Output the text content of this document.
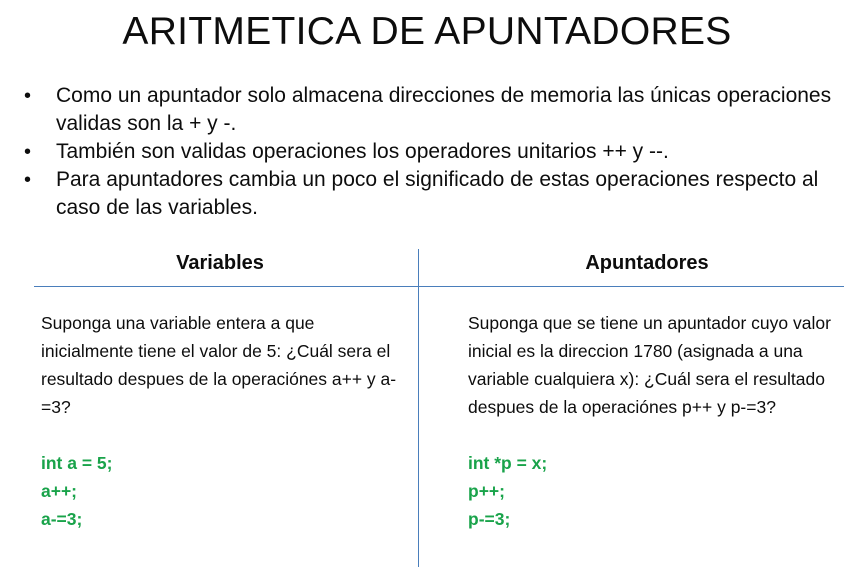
ARITMETICA DE APUNTADORES
• Como un apuntador solo almacena direcciones de memoria las únicas operaciones validas son la + y -.
• También son validas operaciones los operadores unitarios ++ y --.
• Para apuntadores cambia un poco el significado de estas operaciones respecto al caso de las variables.
Variables	Apuntadores
Suponga una variable entera a que inicialmente tiene el valor de 5: ¿Cuál sera el resultado despues de la operaciónes a++ y a-=3?
int a = 5;
a++;
a-=3;
Suponga que se tiene un apuntador cuyo valor inicial es la direccion 1780 (asignada a una variable cualquiera x): ¿Cuál sera el resultado despues de la operaciónes p++ y p-=3?
int *p = x;
p++;
p-=3;
